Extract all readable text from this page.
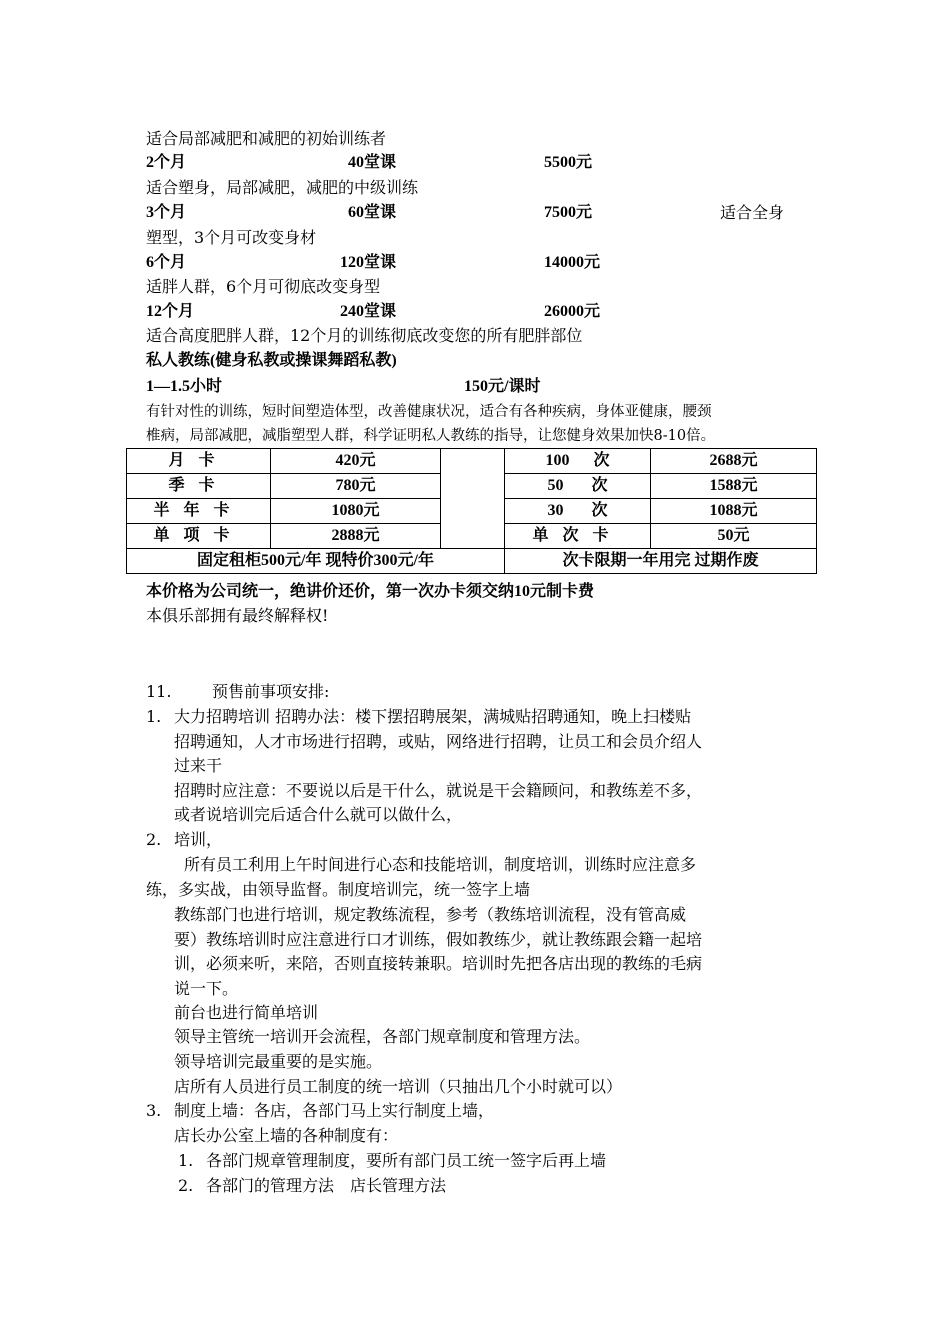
适合局部减肥和减肥的初始训练者
2个月	40堂课	5500元
适合塑身，局部减肥，减肥的中级训练
3个月	60堂课	7500元	适合全身
塑型，3个月可改变身材
6个月	120堂课	14000元
适胖人群，6个月可彻底改变身型
12个月	240堂课	26000元
适合高度肥胖人群，12个月的训练彻底改变您的所有肥胖部位
私人教练(健身私教或操课舞蹈私教)
1—1.5小时	150元/课时
有针对性的训练，短时间塑造体型，改善健康状况，适合有各种疾病，身体亚健康，腰颈
椎病，局部减肥，减脂塑型人群，科学证明私人教练的指导，让您健身效果加快8-10倍。
月卡	420元		100 次	2688元
季卡	780元		50 次	1588元
半年卡	1080元		30 次	1088元
单项卡	2888元		单次卡	50元
固定租柜500元/年 现特价300元/年			次卡限期一年用完 过期作废	
本价格为公司统一，绝讲价还价，第一次办卡须交纳10元制卡费
本俱乐部拥有最终解释权!
11.	预售前事项安排:
1. 大力招聘培训 招聘办法：楼下摆招聘展架，满城贴招聘通知，晚上扫楼贴
招聘通知，人才市场进行招聘，或贴，网络进行招聘，让员工和会员介绍人
过来干
招聘时应注意：不要说以后是干什么，就说是干会籍顾问，和教练差不多，
或者说培训完后适合什么就可以做什么，
2. 培训，
所有员工利用上午时间进行心态和技能培训，制度培训，训练时应注意多
练，多实战，由领导监督。制度培训完，统一签字上墙
教练部门也进行培训，规定教练流程，参考（教练培训流程，没有管高威
要）教练培训时应注意进行口才训练，假如教练少，就让教练跟会籍一起培
训，必须来听，来陪，否则直接转兼职。培训时先把各店出现的教练的毛病
说一下。
前台也进行简单培训
领导主管统一培训开会流程，各部门规章制度和管理方法。
领导培训完最重要的是实施。
店所有人员进行员工制度的统一培训（只抽出几个小时就可以）
3. 制度上墙：各店，各部门马上实行制度上墙，
店长办公室上墙的各种制度有：
1. 各部门规章管理制度，要所有部门员工统一签字后再上墙
2. 各部门的管理方法　店长管理方法
